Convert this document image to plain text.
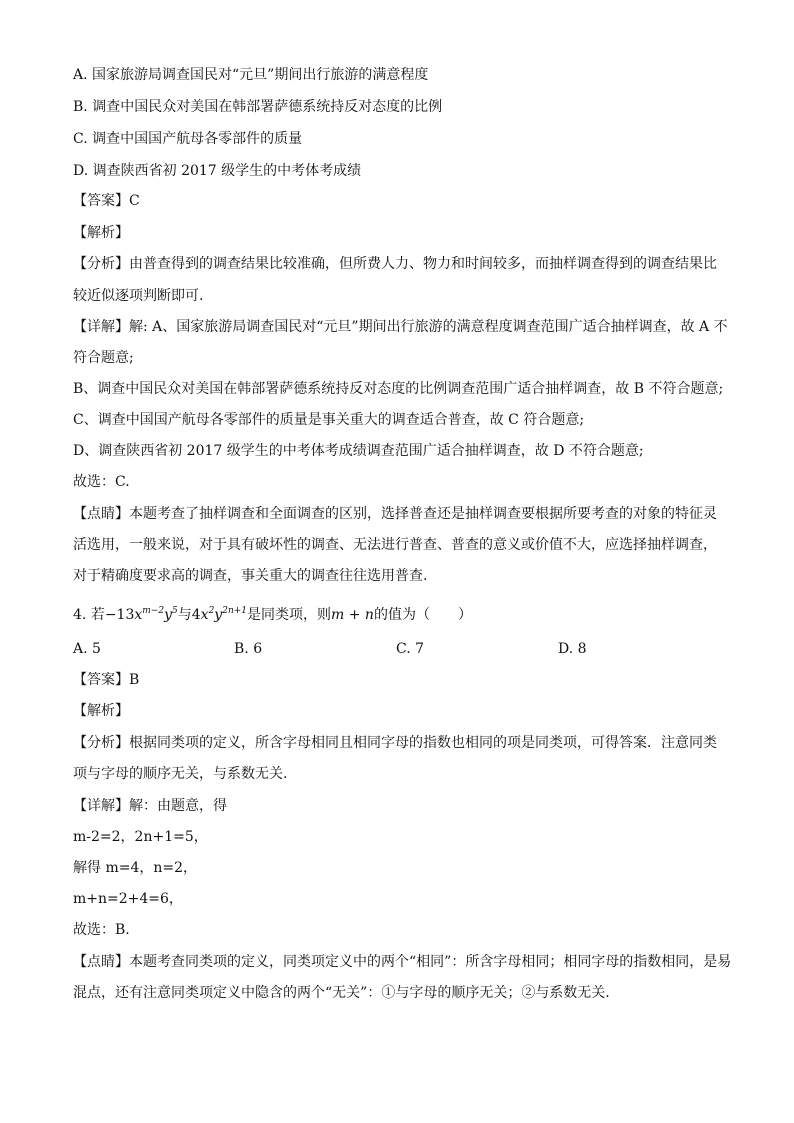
A. 国家旅游局调查国民对“元旦”期间出行旅游的满意程度
B. 调查中国民众对美国在韩部署萨德系统持反对态度的比例
C. 调查中国国产航母各零部件的质量
D. 调查陕西省初 2017 级学生的中考体考成绩
【答案】C
【解析】
【分析】由普查得到的调查结果比较准确，但所费人力、物力和时间较多，而抽样调查得到的调查结果比
较近似逐项判断即可.
【详解】解: A、国家旅游局调查国民对“元旦”期间出行旅游的满意程度调查范围广适合抽样调查，故 A 不
符合题意;
B、调查中国民众对美国在韩部署萨德系统持反对态度的比例调查范围广适合抽样调查，故 B 不符合题意;
C、调查中国国产航母各零部件的质量是事关重大的调查适合普查，故 C 符合题意;
D、调查陕西省初 2017 级学生的中考体考成绩调查范围广适合抽样调查，故 D 不符合题意;
故选：C.
【点睛】本题考查了抽样调查和全面调查的区别，选择普查还是抽样调查要根据所要考查的对象的特征灵
活选用，一般来说，对于具有破坏性的调查、无法进行普查、普查的意义或价值不大，应选择抽样调查，
对于精确度要求高的调查，事关重大的调查往往选用普查.
4. 若$-13x^{m-2}y^5$与$4x^2y^{2n+1}$是同类项，则m + n的值为（　　）
A. 5	B. 6	C. 7	D. 8
【答案】B
【解析】
【分析】根据同类项的定义，所含字母相同且相同字母的指数也相同的项是同类项，可得答案．注意同类
项与字母的顺序无关，与系数无关.
【详解】解：由题意，得
m-2=2，2n+1=5，
解得 m=4，n=2，
m+n=2+4=6，
故选：B.
【点睛】本题考查同类项的定义，同类项定义中的两个“相同”：所含字母相同；相同字母的指数相同，是易
混点，还有注意同类项定义中隐含的两个“无关”：①与字母的顺序无关；②与系数无关.
